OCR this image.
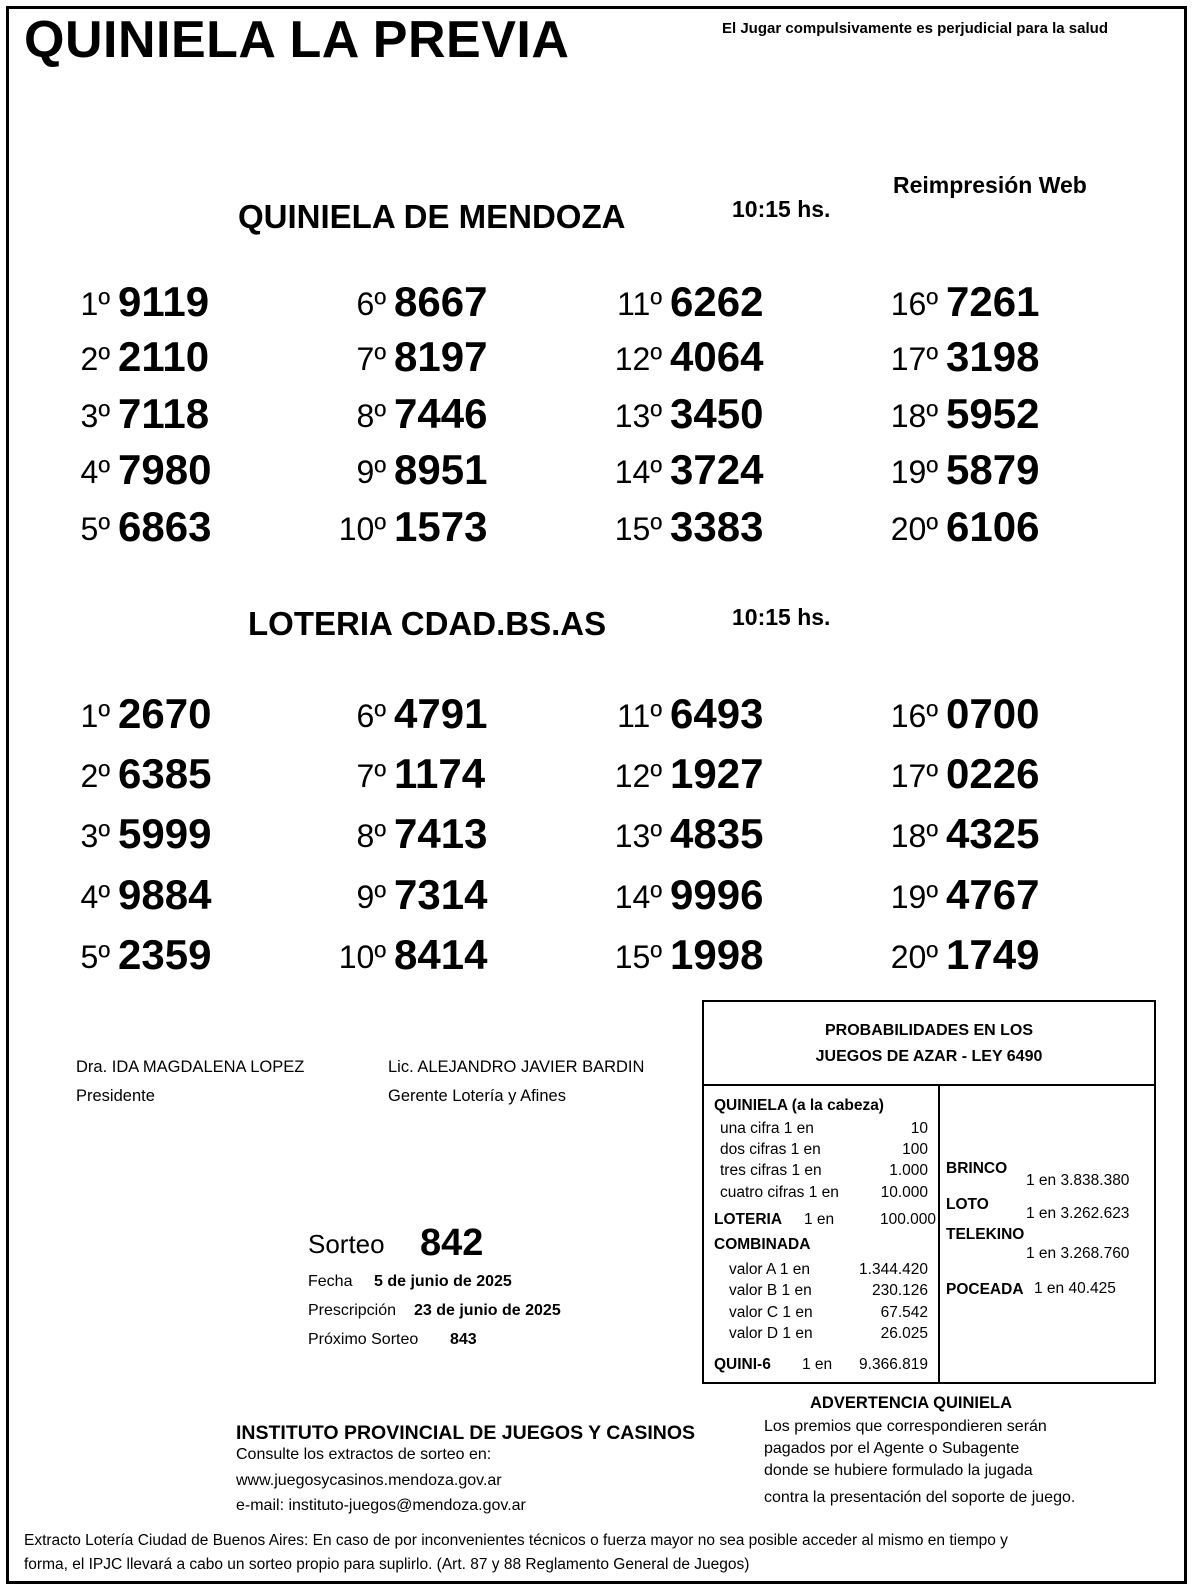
QUINIELA LA PREVIA	El Jugar compulsivamente es perjudicial para la salud
Reimpresión Web
QUINIELA DE MENDOZA	10:15 hs.
1º 9119
2º 2110
3º 7118
4º 7980
5º 6863
6º 8667
7º 8197
8º 7446
9º 8951
10º 1573
11º 6262
12º 4064
13º 3450
14º 3724
15º 3383
16º 7261
17º 3198
18º 5952
19º 5879
20º 6106
LOTERIA CDAD.BS.AS	10:15 hs.
1º 2670
2º 6385
3º 5999
4º 9884
5º 2359
6º 4791
7º 1174
8º 7413
9º 7314
10º 8414
11º 6493
12º 1927
13º 4835
14º 9996
15º 1998
16º 0700
17º 0226
18º 4325
19º 4767
20º 1749
Dra. IDA MAGDALENA LOPEZ
Presidente
Lic. ALEJANDRO JAVIER BARDIN
Gerente Lotería y Afines
Sorteo 842
Fecha 5 de junio de 2025
Prescripción 23 de junio de 2025
Próximo Sorteo 843
PROBABILIDADES EN LOS
JUEGOS DE AZAR - LEY 6490
QUINIELA (a la cabeza)
una cifra 1 en	10
dos cifras 1 en	100
tres cifras 1 en	1.000
cuatro cifras 1 en	10.000
LOTERIA 1 en	100.000
COMBINADA
valor A 1 en	1.344.420
valor B 1 en	230.126
valor C 1 en	67.542
valor D 1 en	26.025
QUINI-6 1 en	9.366.819
BRINCO
1 en 3.838.380
LOTO
1 en 3.262.623
TELEKINO
1 en 3.268.760
POCEADA 1 en 40.425
INSTITUTO PROVINCIAL DE JUEGOS Y CASINOS
Consulte los extractos de sorteo en:
www.juegosycasinos.mendoza.gov.ar
e-mail: instituto-juegos@mendoza.gov.ar
ADVERTENCIA QUINIELA
Los premios que correspondieren serán
pagados por el Agente o Subagente
donde se hubiere formulado la jugada
contra la presentación del soporte de juego.
Extracto Lotería Ciudad de Buenos Aires: En caso de por inconvenientes técnicos o fuerza mayor no sea posible acceder al mismo en tiempo y
forma, el IPJC llevará a cabo un sorteo propio para suplirlo. (Art. 87 y 88 Reglamento General de Juegos)
